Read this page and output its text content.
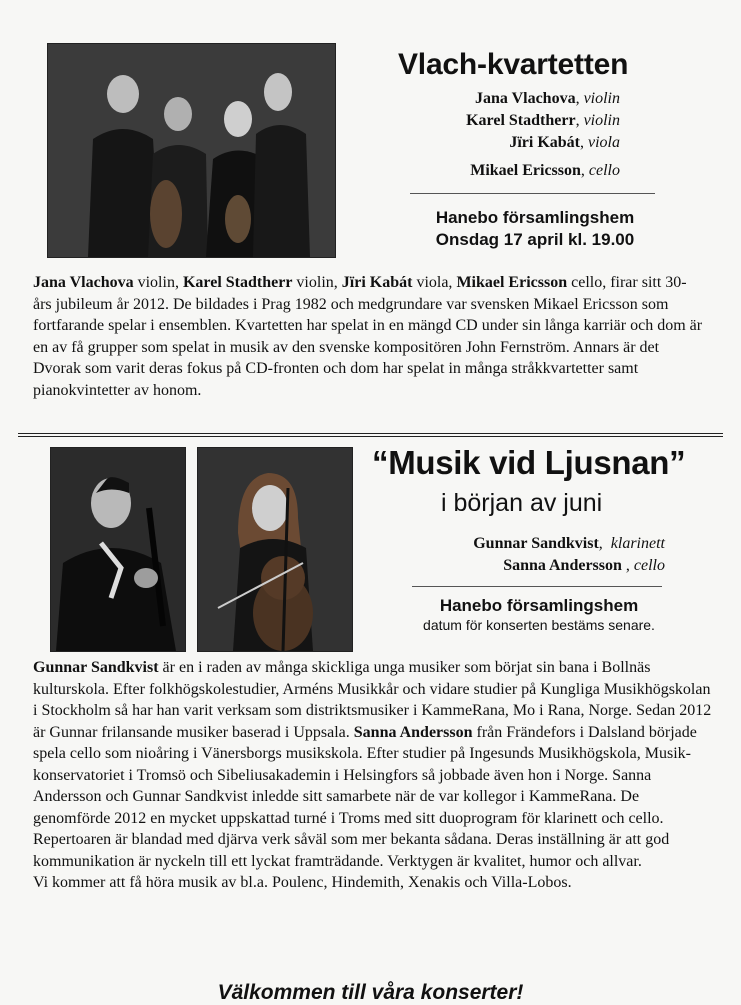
Vlach-kvartetten
Jana Vlachova, violin
Karel Stadtherr, violin
Jïri Kabát, viola
Mikael Ericsson, cello
Hanebo församlingshem
Onsdag 17 april kl. 19.00
Jana Vlachova violin, Karel Stadtherr violin, Jïri Kabát viola, Mikael Ericsson cello, firar sitt 30-års jubileum år 2012. De bildades i Prag 1982 och medgrundare var svensken Mikael Ericsson som fortfarande spelar i ensemblen. Kvartetten har spelat in en mängd CD under sin långa karriär och dom är en av få grupper som spelat in musik av den svenske kompositören John Fernström. Annars är det Dvorak som varit deras fokus på CD-fronten och dom har spelat in många stråkkvartetter samt pianokvintetter av honom.
“Musik vid Ljusnan”
i början av juni
Gunnar Sandkvist,  klarinett
Sanna Andersson , cello
Hanebo församlingshem
datum för konserten bestäms senare.
Gunnar Sandkvist är en i raden av många skickliga unga musiker som börjat sin bana i Bollnäs kulturskola. Efter folkhögskolestudier, Arméns Musikkår och vidare studier på Kungliga Musikhögskolan i Stockholm så har han varit verksam som distriktsmusiker i KammeRana, Mo i Rana, Norge. Sedan 2012 är Gunnar frilansande musiker baserad i Uppsala. Sanna Andersson från Frändefors i Dalsland började spela cello som nioåring i Vänersborgs musikskola. Efter studier på Ingesunds Musikhögskola, Musik-konservatoriet i Tromsö och Sibeliusakademin i Helsingfors så jobbade även hon i Norge. Sanna Andersson och Gunnar Sandkvist inledde sitt samarbete när de var kollegor i KammeRana. De genomförde 2012 en mycket uppskattad turné i Troms med sitt duoprogram för klarinett och cello. Repertoaren är blandad med djärva verk såväl som mer bekanta sådana. Deras inställning är att god kommunikation är nyckeln till ett lyckat framträdande. Verktygen är kvalitet, humor och allvar.
Vi kommer att få höra musik av bl.a. Poulenc, Hindemith, Xenakis och Villa-Lobos.
Välkommen till våra konserter!
